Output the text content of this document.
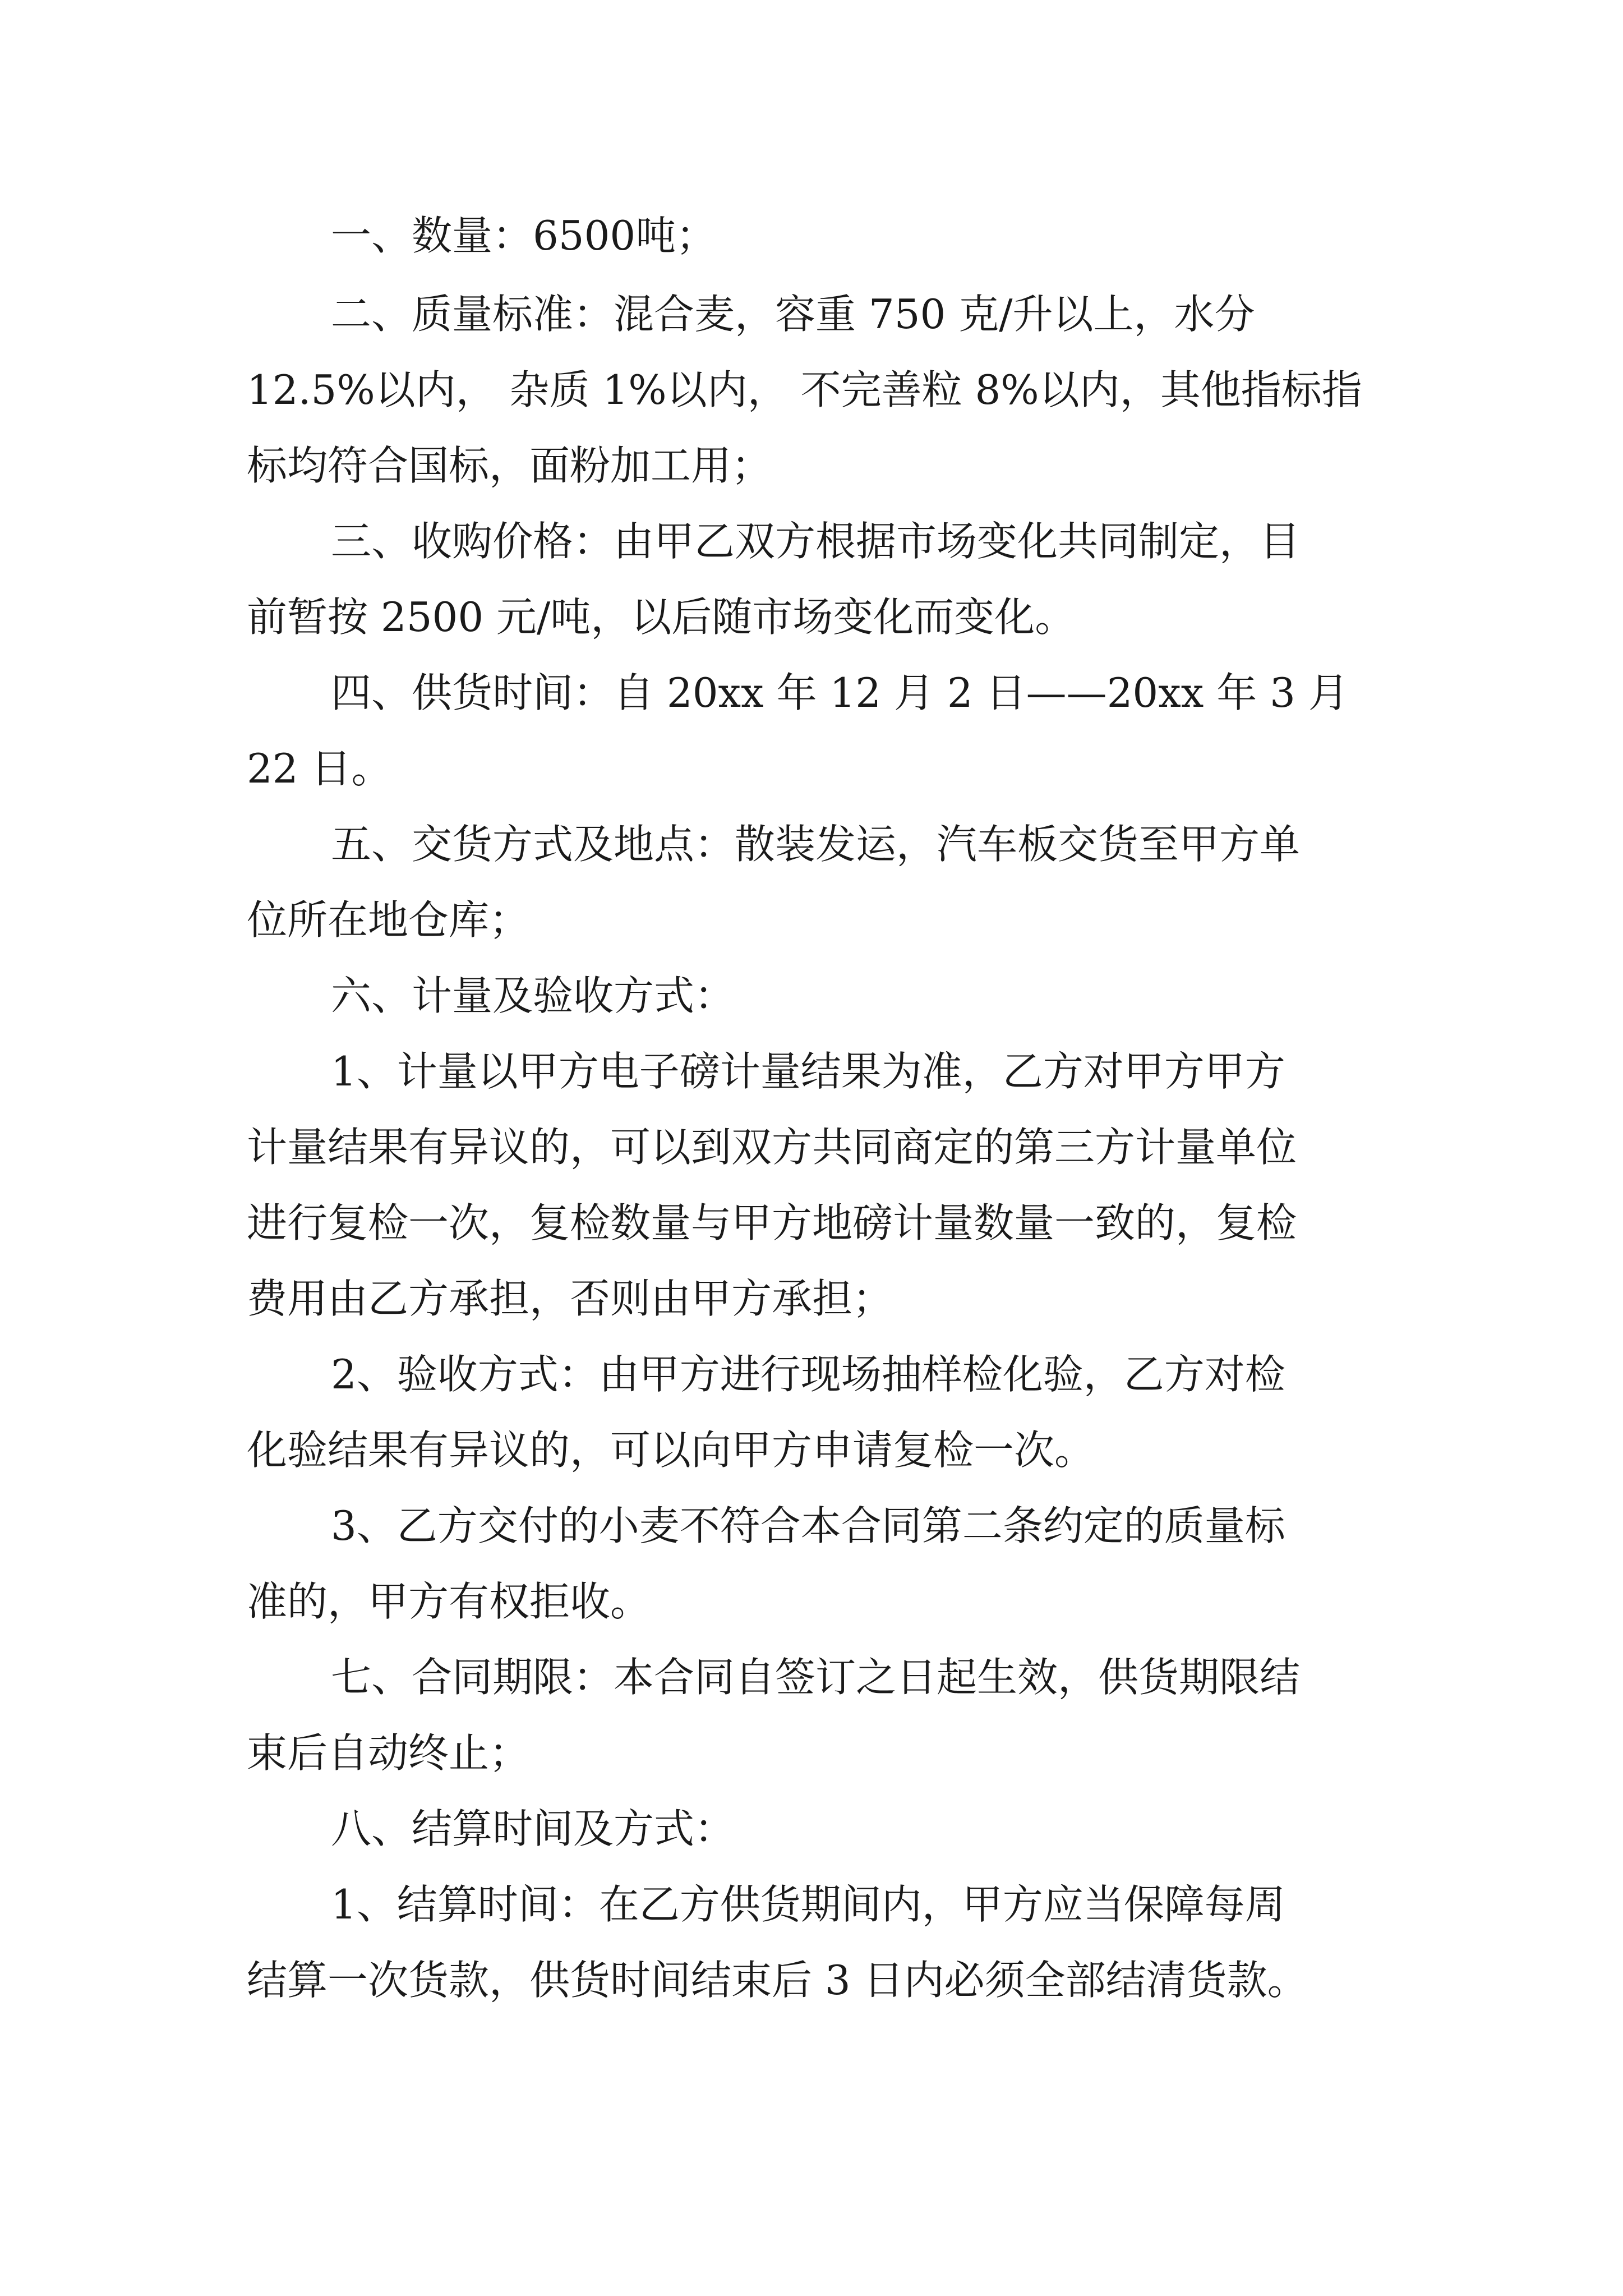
一、数量：6500吨；
二、质量标准：混合麦，容重 750 克/升以上，水分
12.5%以内， 杂质 1%以内， 不完善粒 8%以内，其他指标指
标均符合国标，面粉加工用；
三、收购价格：由甲乙双方根据市场变化共同制定，目
前暂按 2500 元/吨，以后随市场变化而变化。
四、供货时间：自 20xx 年 12 月 2 日——20xx 年 3 月
22 日。
五、交货方式及地点：散装发运，汽车板交货至甲方单
位所在地仓库；
六、计量及验收方式：
1、计量以甲方电子磅计量结果为准，乙方对甲方甲方
计量结果有异议的，可以到双方共同商定的第三方计量单位
进行复检一次，复检数量与甲方地磅计量数量一致的，复检
费用由乙方承担，否则由甲方承担；
2、验收方式：由甲方进行现场抽样检化验，乙方对检
化验结果有异议的，可以向甲方申请复检一次。
3、乙方交付的小麦不符合本合同第二条约定的质量标
准的，甲方有权拒收。
七、合同期限：本合同自签订之日起生效，供货期限结
束后自动终止；
八、结算时间及方式：
1、结算时间：在乙方供货期间内，甲方应当保障每周
结算一次货款，供货时间结束后 3 日内必须全部结清货款。
